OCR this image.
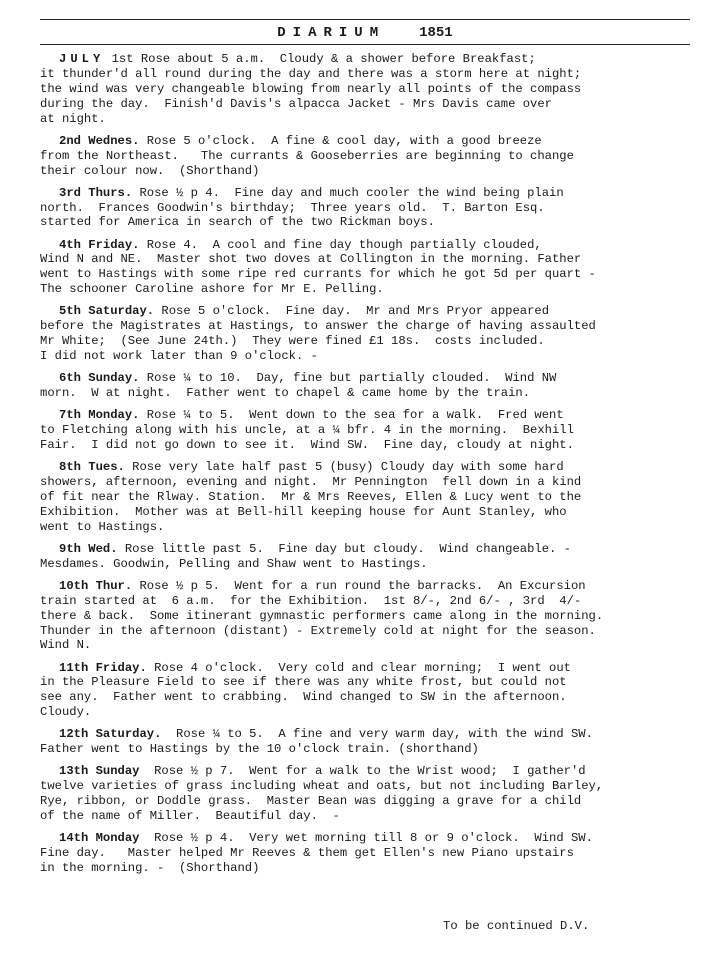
DIARIUM 1851
JULY 1st Rose about 5 a.m.  Cloudy & a shower before Breakfast;
it thunder'd all round during the day and there was a storm here at night;
the wind was very changeable blowing from nearly all points of the compass
during the day.  Finish'd Davis's alpacca Jacket - Mrs Davis came over
at night.
2nd Wednes. Rose 5 o'clock.  A fine & cool day, with a good breeze
from the Northeast.   The currants & Gooseberries are beginning to change
their colour now.  (Shorthand)
3rd Thurs. Rose ½ p 4.  Fine day and much cooler the wind being plain
north.  Frances Goodwin's birthday;  Three years old.  T. Barton Esq.
started for America in search of the two Rickman boys.
4th Friday. Rose 4.  A cool and fine day though partially clouded,
Wind N and NE.  Master shot two doves at Collington in the morning. Father
went to Hastings with some ripe red currants for which he got 5d per quart -
The schooner Caroline ashore for Mr E. Pelling.
5th Saturday. Rose 5 o'clock.  Fine day.  Mr and Mrs Pryor appeared
before the Magistrates at Hastings, to answer the charge of having assaulted
Mr White;  (See June 24th.)  They were fined £1 18s.  costs included.
I did not work later than 9 o'clock. -
6th Sunday. Rose ¼ to 10.  Day, fine but partially clouded.  Wind NW
morn.  W at night.  Father went to chapel & came home by the train.
7th Monday. Rose ¼ to 5.  Went down to the sea for a walk.  Fred went
to Fletching along with his uncle, at a ¼ bfr. 4 in the morning.  Bexhill
Fair.  I did not go down to see it.  Wind SW.  Fine day, cloudy at night.
8th Tues. Rose very late half past 5 (busy) Cloudy day with some hard
showers, afternoon, evening and night.  Mr Pennington  fell down in a kind
of fit near the Rlway. Station.  Mr & Mrs Reeves, Ellen & Lucy went to the
Exhibition.  Mother was at Bell-hill keeping house for Aunt Stanley, who
went to Hastings.
9th Wed. Rose little past 5.  Fine day but cloudy.  Wind changeable. -
Mesdames. Goodwin, Pelling and Shaw went to Hastings.
10th Thur. Rose ½ p 5.  Went for a run round the barracks.  An Excursion
train started at  6 a.m.  for the Exhibition.  1st 8/-, 2nd 6/- , 3rd  4/-
there & back.  Some itinerant gymnastic performers came along in the morning.
Thunder in the afternoon (distant) - Extremely cold at night for the season.
Wind N.
11th Friday. Rose 4 o'clock.  Very cold and clear morning;  I went out
in the Pleasure Field to see if there was any white frost, but could not
see any.  Father went to crabbing.  Wind changed to SW in the afternoon.
Cloudy.
12th Saturday.  Rose ¼ to 5.  A fine and very warm day, with the wind SW.
Father went to Hastings by the 10 o'clock train. (shorthand)
13th Sunday  Rose ½ p 7.  Went for a walk to the Wrist wood;  I gather'd
twelve varieties of grass including wheat and oats, but not including Barley,
Rye, ribbon, or Doddle grass.  Master Bean was digging a grave for a child
of the name of Miller.  Beautiful day.  -
14th Monday  Rose ½ p 4.  Very wet morning till 8 or 9 o'clock.  Wind SW.
Fine day.   Master helped Mr Reeves & them get Ellen's new Piano upstairs
in the morning. -  (Shorthand)
To be continued D.V.
